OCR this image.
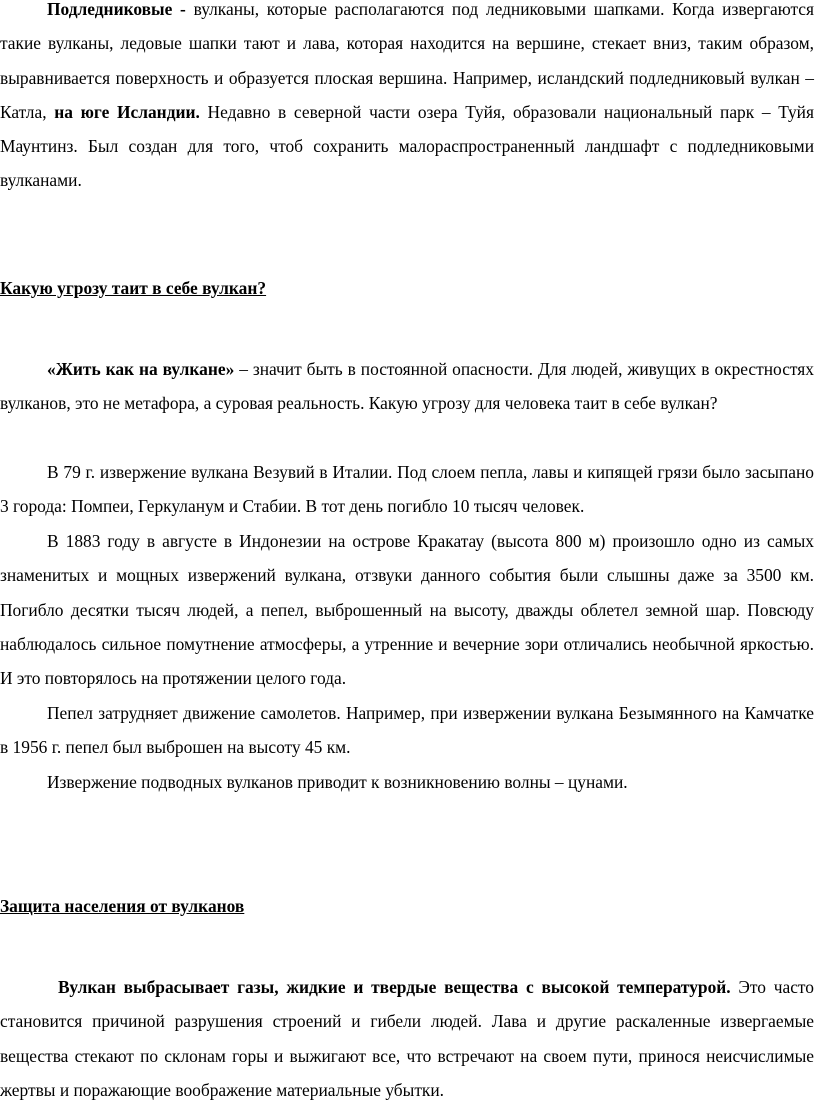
Подледниковые - вулканы, которые располагаются под ледниковыми шапками. Когда извергаются такие вулканы, ледовые шапки тают и лава, которая находится на вершине, стекает вниз, таким образом, выравнивается поверхность и образуется плоская вершина. Например, исландский подледниковый вулкан – Катла, на юге Исландии. Недавно в северной части озера Туйя, образовали национальный парк – Туйя Маунтинз. Был создан для того, чтоб сохранить малораспространенный ландшафт с подледниковыми вулканами.

Какую угрозу таит в себе вулкан?

«Жить как на вулкане» – значит быть в постоянной опасности. Для людей, живущих в окрестностях вулканов, это не метафора, а суровая реальность. Какую угрозу для человека таит в себе вулкан?

В 79 г. извержение вулкана Везувий в Италии. Под слоем пепла, лавы и кипящей грязи было засыпано 3 города: Помпеи, Геркуланум и Стабии. В тот день погибло 10 тысяч человек.

В 1883 году в августе в Индонезии на острове Кракатау (высота 800 м) произошло одно из самых знаменитых и мощных извержений вулкана, отзвуки данного события были слышны даже за 3500 км. Погибло десятки тысяч людей, а пепел, выброшенный на высоту, дважды облетел земной шар. Повсюду наблюдалось сильное помутнение атмосферы, а утренние и вечерние зори отличались необычной яркостью. И это повторялось на протяжении целого года.

Пепел затрудняет движение самолетов. Например, при извержении вулкана Безымянного на Камчатке в 1956 г. пепел был выброшен на высоту 45 км.

Извержение подводных вулканов приводит к возникновению волны – цунами.

Защита населения от вулканов

Вулкан выбрасывает газы, жидкие и твердые вещества с высокой температурой. Это часто становится причиной разрушения строений и гибели людей. Лава и другие раскаленные извергаемые вещества стекают по склонам горы и выжигают все, что встречают на своем пути, принося неисчислимые жертвы и поражающие воображение материальные убытки.
